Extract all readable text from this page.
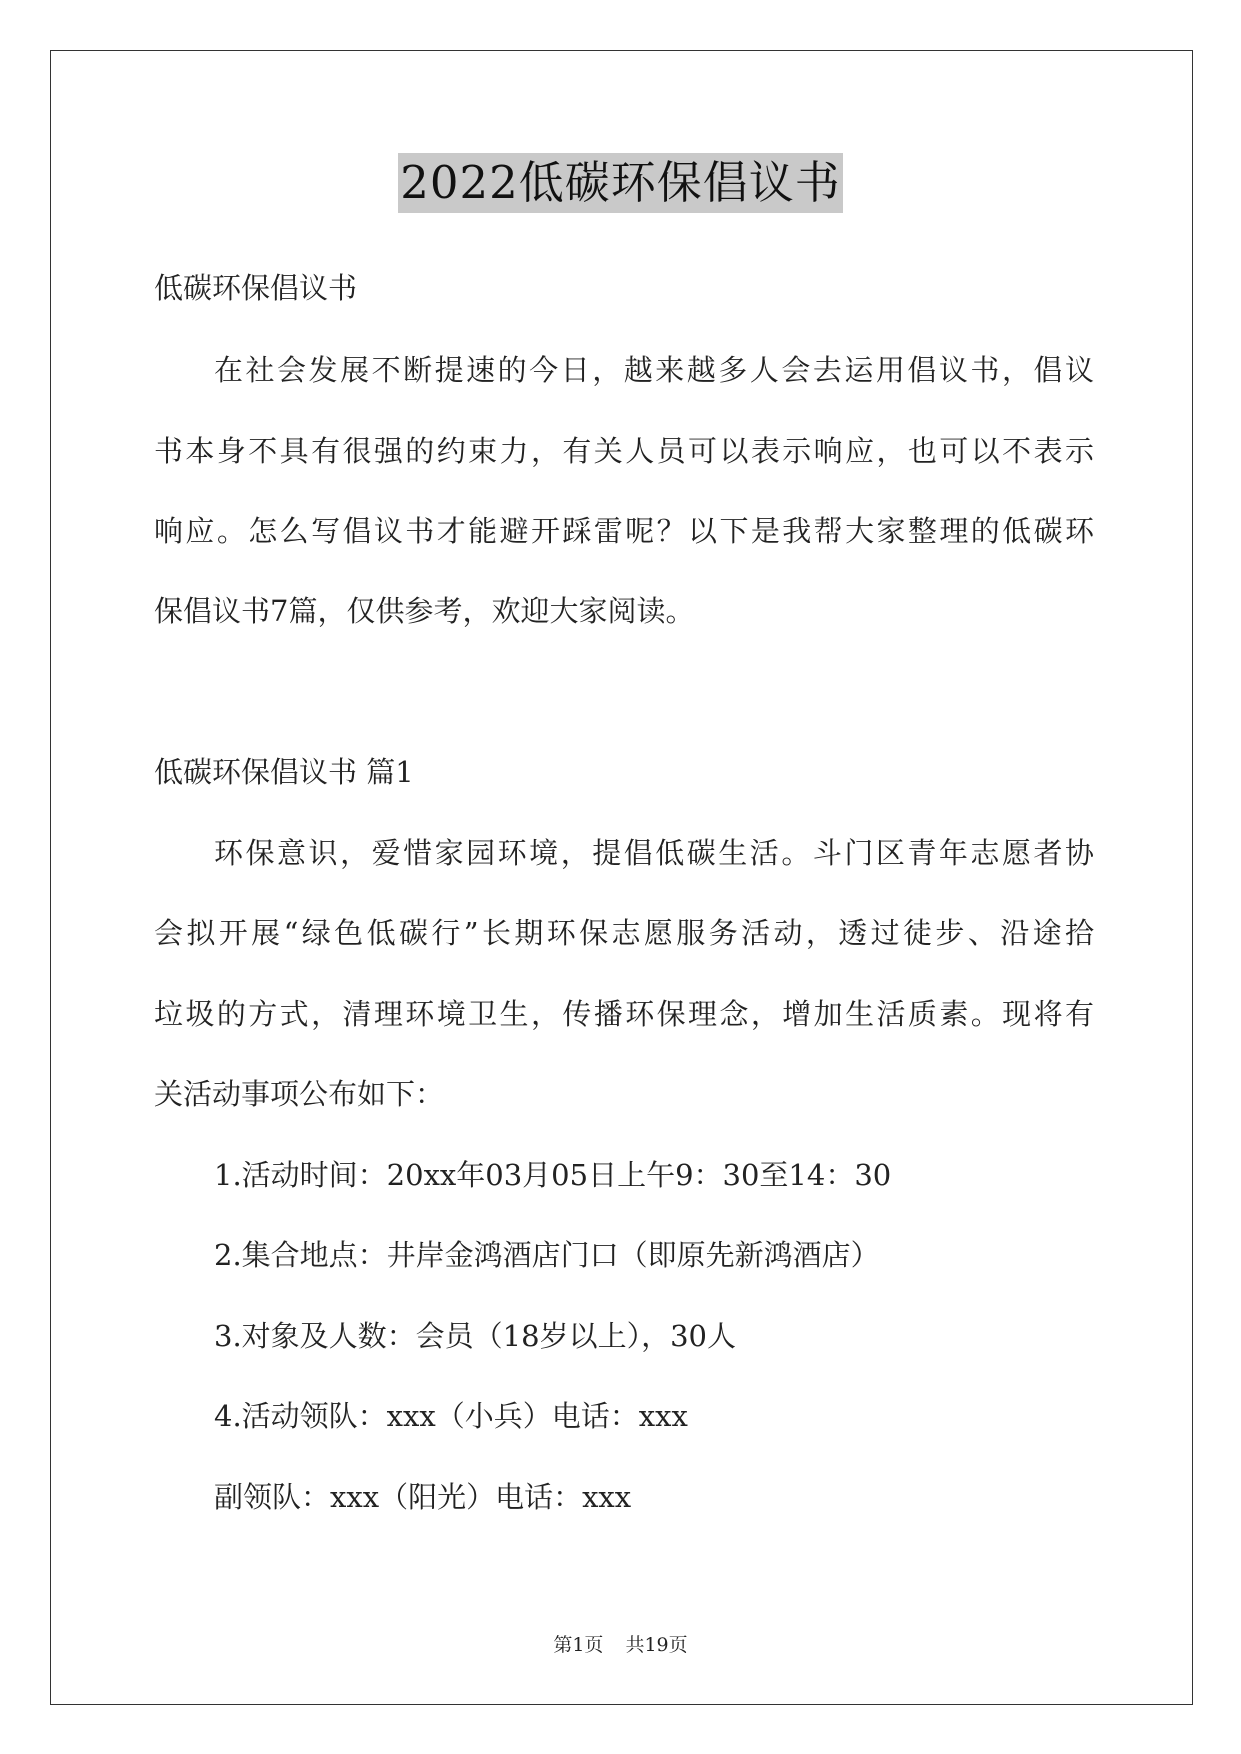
2022低碳环保倡议书
低碳环保倡议书
在社会发展不断提速的今日，越来越多人会去运用倡议书，倡议
书本身不具有很强的约束力，有关人员可以表示响应，也可以不表示
响应。怎么写倡议书才能避开踩雷呢？以下是我帮大家整理的低碳环
保倡议书7篇，仅供参考，欢迎大家阅读。
低碳环保倡议书 篇1
环保意识，爱惜家园环境，提倡低碳生活。斗门区青年志愿者协
会拟开展“绿色低碳行”长期环保志愿服务活动，透过徒步、沿途拾
垃圾的方式，清理环境卫生，传播环保理念，增加生活质素。现将有
关活动事项公布如下：
1.活动时间：20xx年03月05日上午9：30至14：30
2.集合地点：井岸金鸿酒店门口（即原先新鸿酒店）
3.对象及人数：会员（18岁以上），30人
4.活动领队：xxx（小兵）电话：xxx
副领队：xxx（阳光）电话：xxx
第1页 共19页
